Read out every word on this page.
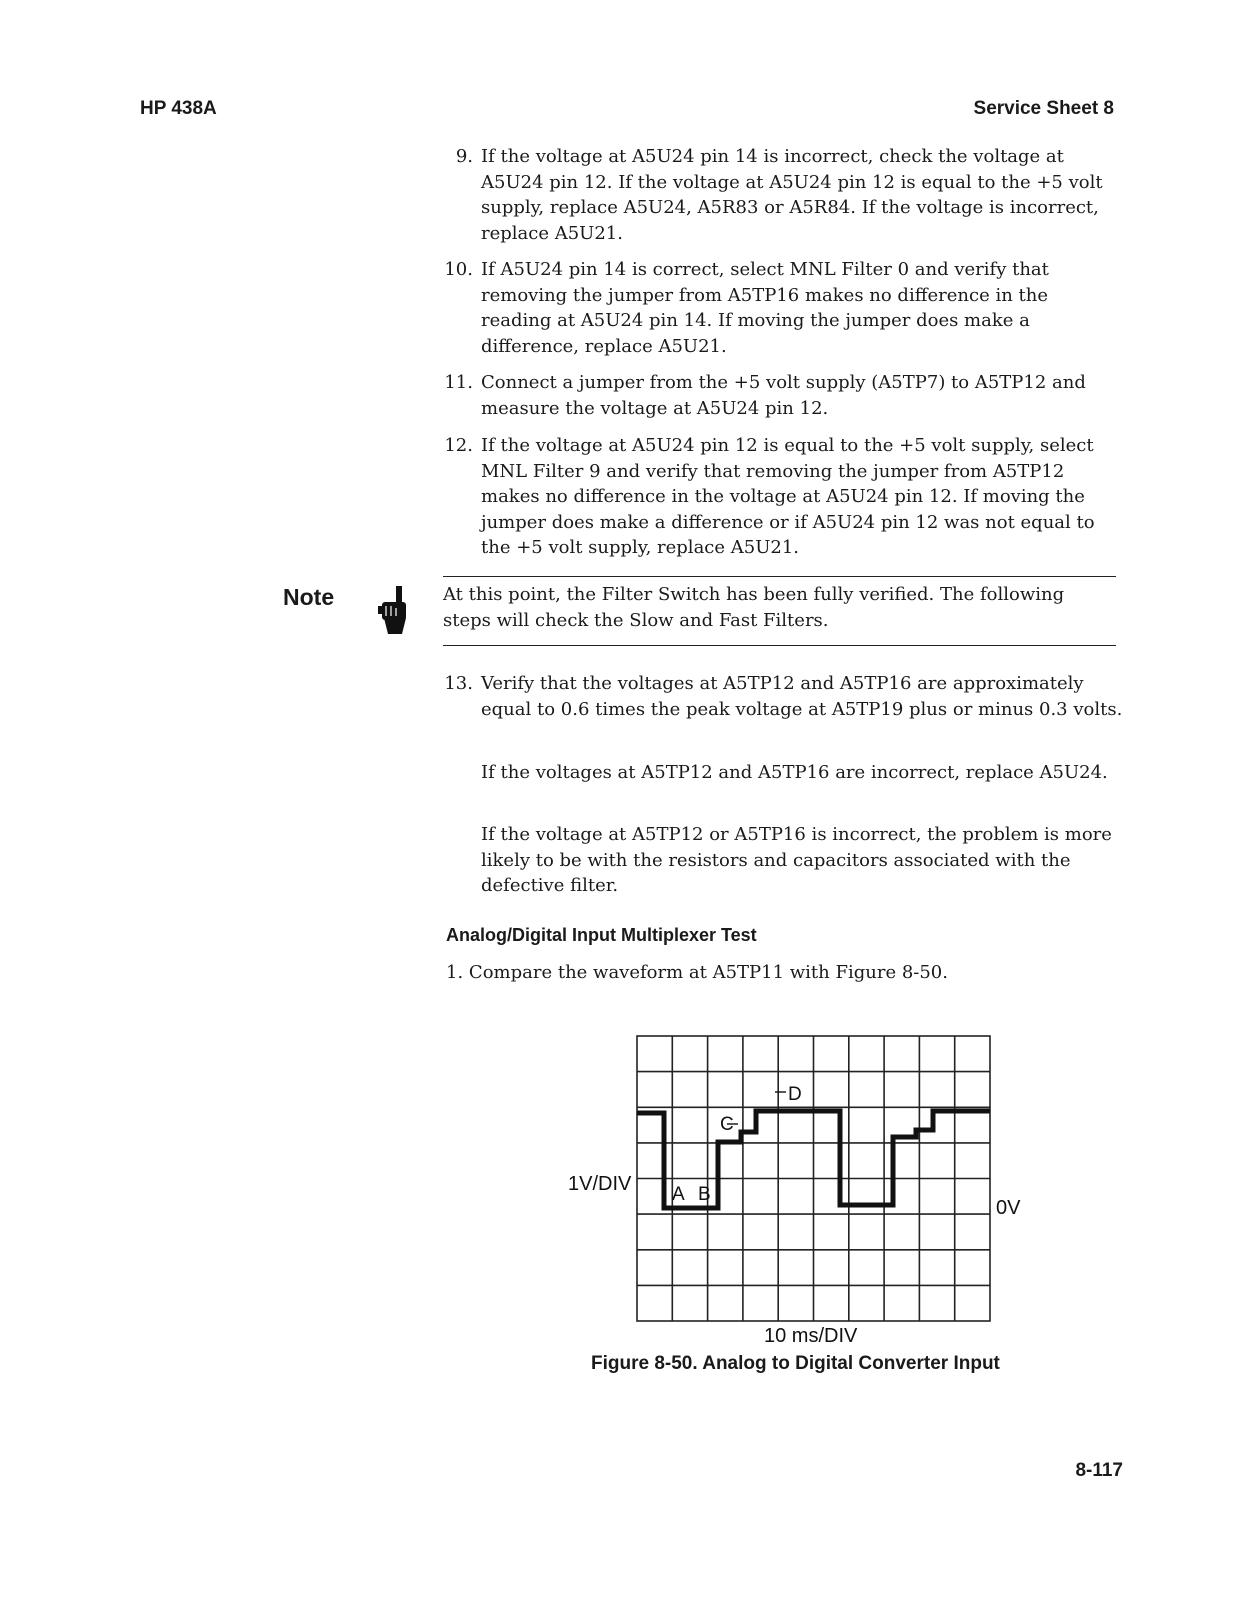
HP 438A	Service Sheet 8
9. If the voltage at A5U24 pin 14 is incorrect, check the voltage at A5U24 pin 12. If the voltage at A5U24 pin 12 is equal to the +5 volt supply, replace A5U24, A5R83 or A5R84. If the voltage is incorrect, replace A5U21.
10. If A5U24 pin 14 is correct, select MNL Filter 0 and verify that removing the jumper from A5TP16 makes no difference in the reading at A5U24 pin 14. If moving the jumper does make a difference, replace A5U21.
11. Connect a jumper from the +5 volt supply (A5TP7) to A5TP12 and measure the voltage at A5U24 pin 12.
12. If the voltage at A5U24 pin 12 is equal to the +5 volt supply, select MNL Filter 9 and verify that removing the jumper from A5TP12 makes no difference in the voltage at A5U24 pin 12. If moving the jumper does make a difference or if A5U24 pin 12 was not equal to the +5 volt supply, replace A5U21.
Note	At this point, the Filter Switch has been fully verified. The following steps will check the Slow and Fast Filters.
13. Verify that the voltages at A5TP12 and A5TP16 are approximately equal to 0.6 times the peak voltage at A5TP19 plus or minus 0.3 volts.
If the voltages at A5TP12 and A5TP16 are incorrect, replace A5U24.
If the voltage at A5TP12 or A5TP16 is incorrect, the problem is more likely to be with the resistors and capacitors associated with the defective filter.
Analog/Digital Input Multiplexer Test
1. Compare the waveform at A5TP11 with Figure 8-50.
A B
C
D
1V/DIV
0V
10 ms/DIV
Figure 8-50. Analog to Digital Converter Input
8-117
